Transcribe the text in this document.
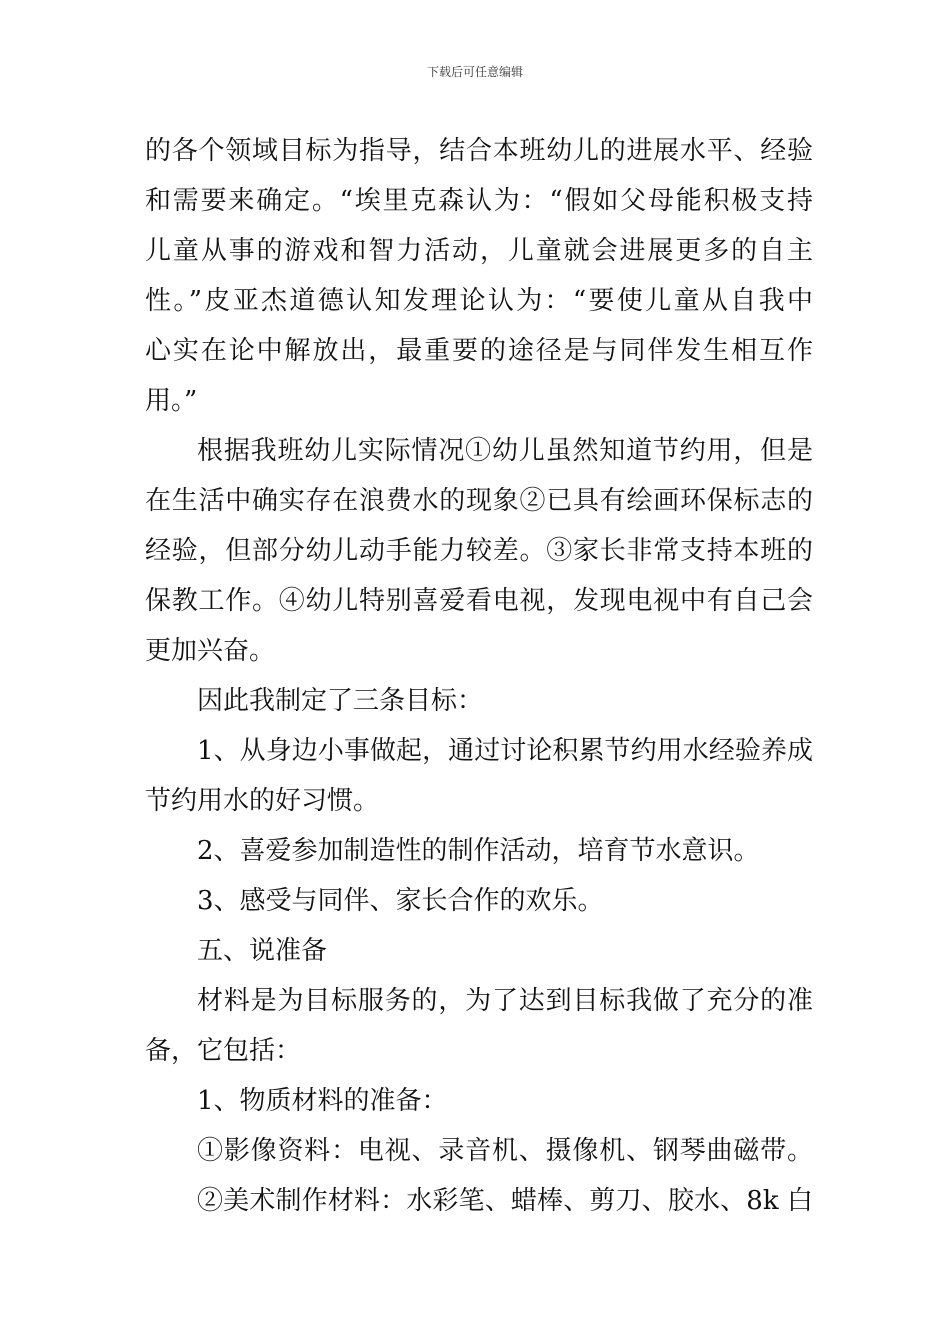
下载后可任意编辑
的各个领域目标为指导，结合本班幼儿的进展水平、经验
和需要来确定。“埃里克森认为：“假如父母能积极支持
儿童从事的游戏和智力活动，儿童就会进展更多的自主
性。”皮亚杰道德认知发理论认为：“要使儿童从自我中
心实在论中解放出，最重要的途径是与同伴发生相互作
用。”
根据我班幼儿实际情况①幼儿虽然知道节约用，但是
在生活中确实存在浪费水的现象②已具有绘画环保标志的
经验，但部分幼儿动手能力较差。③家长非常支持本班的
保教工作。④幼儿特别喜爱看电视，发现电视中有自己会
更加兴奋。
因此我制定了三条目标：
1、从身边小事做起，通过讨论积累节约用水经验养成
节约用水的好习惯。
2、喜爱参加制造性的制作活动，培育节水意识。
3、感受与同伴、家长合作的欢乐。
五、说准备
材料是为目标服务的，为了达到目标我做了充分的准
备，它包括：
1、物质材料的准备：
①影像资料：电视、录音机、摄像机、钢琴曲磁带。
②美术制作材料：水彩笔、蜡棒、剪刀、胶水、8k 白
